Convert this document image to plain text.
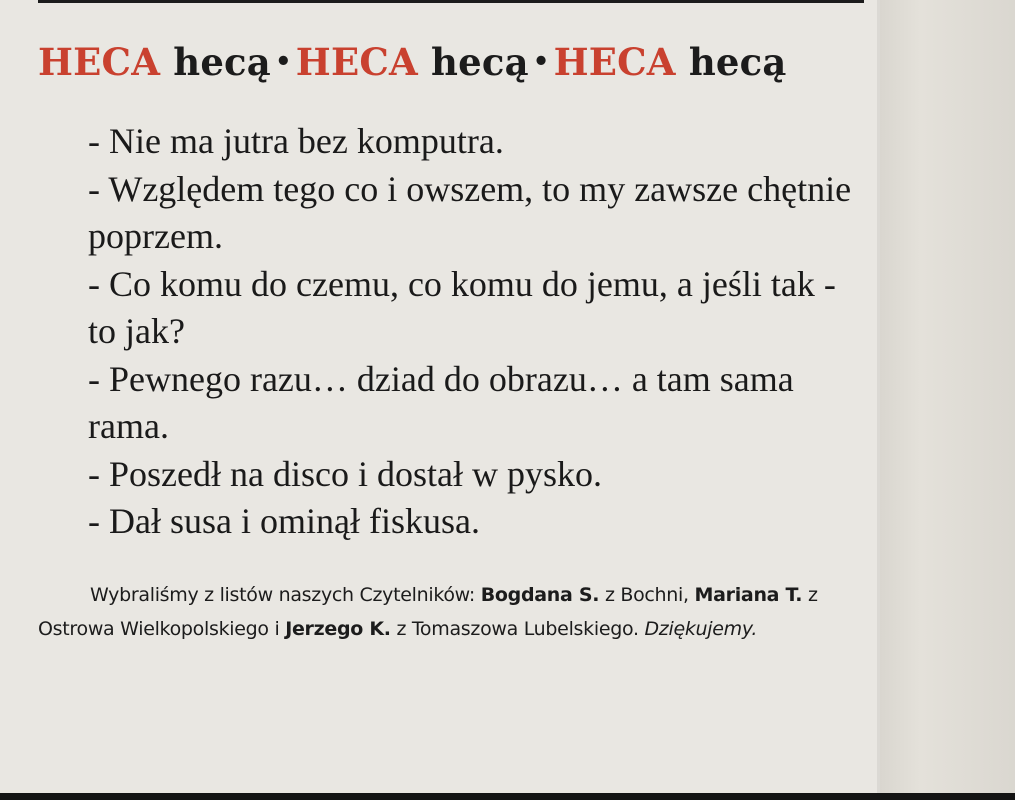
HECA hecą • HECA hecą • HECA hecą

- Nie ma jutra bez komputra.

- Względem tego co i owszem, to my zawsze chętnie poprzem.

- Co komu do czemu, co komu do jemu, a jeśli tak - to jak?

- Pewnego razu… dziad do obrazu… a tam sama rama.

- Poszedł na disco i dostał w pysko.

- Dał susa i ominął fiskusa.

Wybraliśmy z listów naszych Czytelników: Bogdana S. z Bochni, Mariana T. z Ostrowa Wielkopolskiego i Jerzego K. z Tomaszowa Lubelskiego. Dziękujemy.
